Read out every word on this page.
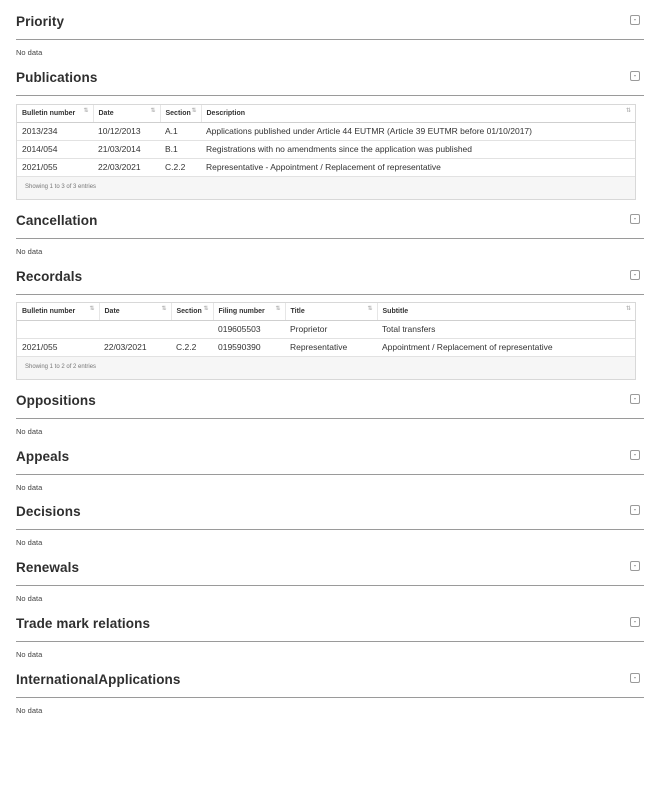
Priority	-
No data
Publications	-
Bulletin number ⇅	Date ⇅	Section ⇅	Description ⇅

2013/234	10/12/2013	A.1	Applications published under Article 44 EUTMR (Article 39 EUTMR before 01/10/2017)
2014/054	21/03/2014	B.1	Registrations with no amendments since the application was published
2021/055	22/03/2021	C.2.2	Representative - Appointment / Replacement of representative
Showing 1 to 3 of 3 entries
Cancellation	-
No data
Recordals	-
Bulletin number ⇅	Date ⇅	Section ⇅	Filing number ⇅	Title ⇅	Subtitle ⇅

			019605503	Proprietor	Total transfers
2021/055	22/03/2021	C.2.2	019590390	Representative	Appointment / Replacement of representative
Showing 1 to 2 of 2 entries
Oppositions	-
No data
Appeals	-
No data
Decisions	-
No data
Renewals	-
No data
Trade mark relations	-
No data
InternationalApplications	-
No data
